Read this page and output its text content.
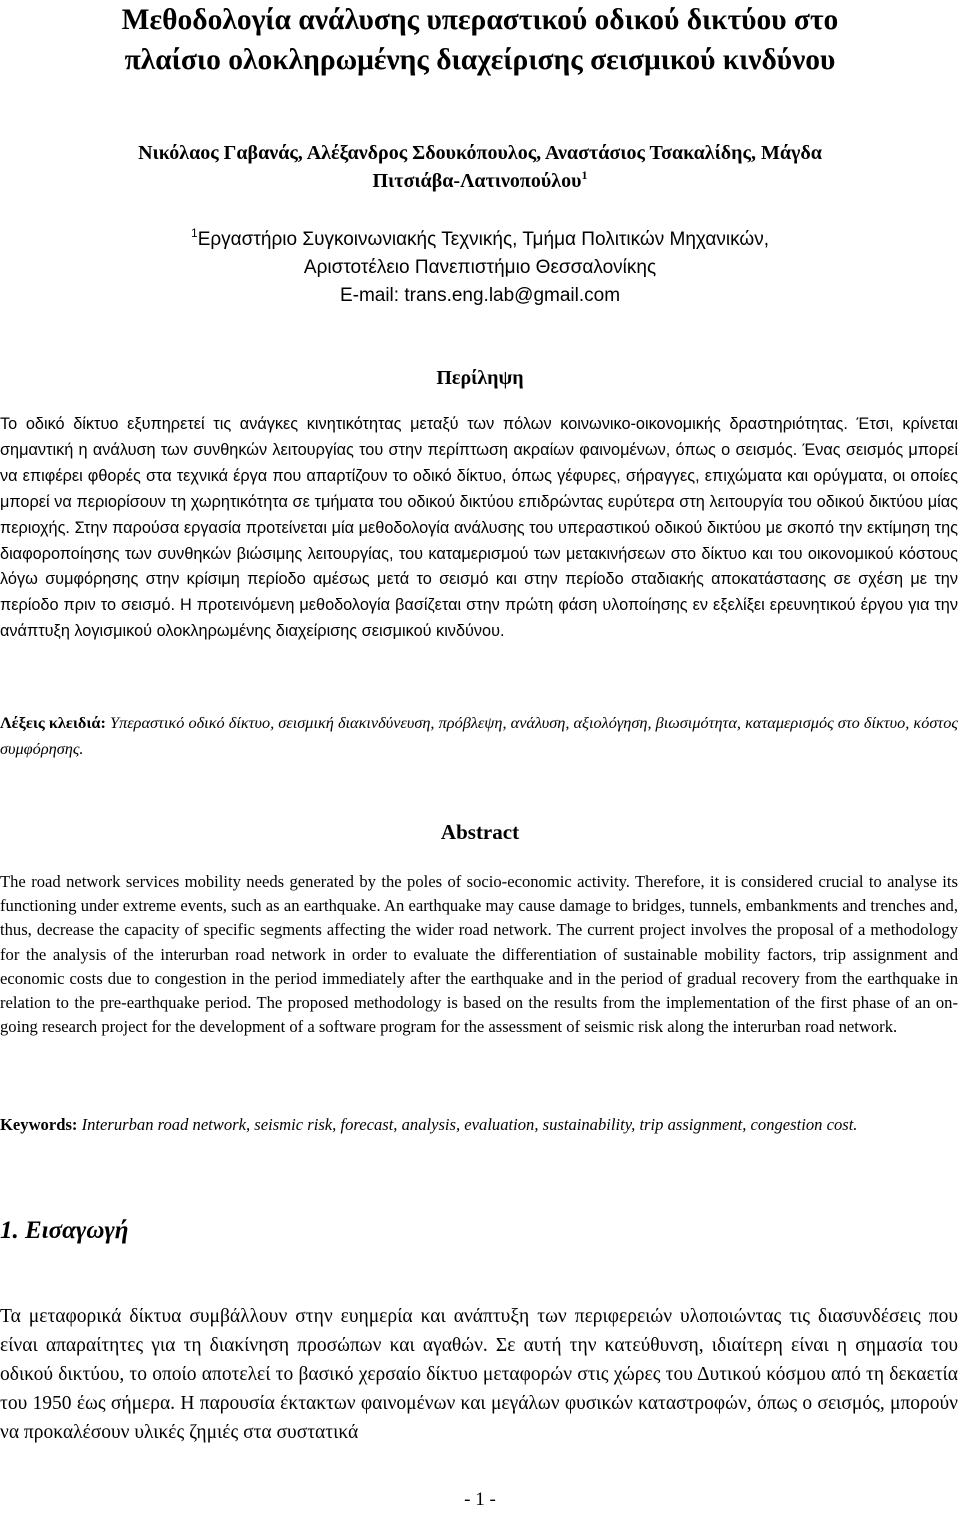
Μεθοδολογία ανάλυσης υπεραστικού οδικού δικτύου στο
πλαίσιο ολοκληρωμένης διαχείρισης σεισμικού κινδύνου
Νικόλαος Γαβανάς, Αλέξανδρος Σδουκόπουλος, Αναστάσιος Τσακαλίδης, Μάγδα
Πιτσιάβα-Λατινοπούλου$^1$
$^1$Εργαστήριο Συγκοινωνιακής Τεχνικής, Τμήμα Πολιτικών Μηχανικών,
Αριστοτέλειο Πανεπιστήμιο Θεσσαλονίκης
E-mail: trans.eng.lab@gmail.com
Περίληψη

Το οδικό δίκτυο εξυπηρετεί τις ανάγκες κινητικότητας μεταξύ των πόλων κοινωνικο-οικονομικής δραστηριότητας. Έτσι, κρίνεται σημαντική η ανάλυση των συνθηκών λειτουργίας του στην περίπτωση ακραίων φαινομένων, όπως ο σεισμός. Ένας σεισμός μπορεί να επιφέρει φθορές στα τεχνικά έργα που απαρτίζουν το οδικό δίκτυο, όπως γέφυρες, σήραγγες, επιχώματα και ορύγματα, οι οποίες μπορεί να περιορίσουν τη χωρητικότητα σε τμήματα του οδικού δικτύου επιδρώντας ευρύτερα στη λειτουργία του οδικού δικτύου μίας περιοχής. Στην παρούσα εργασία προτείνεται μία μεθοδολογία ανάλυσης του υπεραστικού οδικού δικτύου με σκοπό την εκτίμηση της διαφοροποίησης των συνθηκών βιώσιμης λειτουργίας, του καταμερισμού των μετακινήσεων στο δίκτυο και του οικονομικού κόστους λόγω συμφόρησης στην κρίσιμη περίοδο αμέσως μετά το σεισμό και στην περίοδο σταδιακής αποκατάστασης σε σχέση με την περίοδο πριν το σεισμό. Η προτεινόμενη μεθοδολογία βασίζεται στην πρώτη φάση υλοποίησης εν εξελίξει ερευνητικού έργου για την ανάπτυξη λογισμικού ολοκληρωμένης διαχείρισης σεισμικού κινδύνου.

Λέξεις κλειδιά: Υπεραστικό οδικό δίκτυο, σεισμική διακινδύνευση, πρόβλεψη, ανάλυση, αξιολόγηση, βιωσιμότητα, καταμερισμός στο δίκτυο, κόστος συμφόρησης.

Abstract

The road network services mobility needs generated by the poles of socio-economic activity. Therefore, it is considered crucial to analyse its functioning under extreme events, such as an earthquake. An earthquake may cause damage to bridges, tunnels, embankments and trenches and, thus, decrease the capacity of specific segments affecting the wider road network. The current project involves the proposal of a methodology for the analysis of the interurban road network in order to evaluate the differentiation of sustainable mobility factors, trip assignment and economic costs due to congestion in the period immediately after the earthquake and in the period of gradual recovery from the earthquake in relation to the pre-earthquake period. The proposed methodology is based on the results from the implementation of the first phase of an on-going research project for the development of a software program for the assessment of seismic risk along the interurban road network.

Keywords: Interurban road network, seismic risk, forecast, analysis, evaluation, sustainability, trip assignment, congestion cost.

1. Εισαγωγή

Τα μεταφορικά δίκτυα συμβάλλουν στην ευημερία και ανάπτυξη των περιφερειών υλοποιώντας τις διασυνδέσεις που είναι απαραίτητες για τη διακίνηση προσώπων και αγαθών. Σε αυτή την κατεύθυνση, ιδιαίτερη είναι η σημασία του οδικού δικτύου, το οποίο αποτελεί το βασικό χερσαίο δίκτυο μεταφορών στις χώρες του Δυτικού κόσμου από τη δεκαετία του 1950 έως σήμερα. Η παρουσία έκτακτων φαινομένων και μεγάλων φυσικών καταστροφών, όπως ο σεισμός, μπορούν να προκαλέσουν υλικές ζημιές στα συστατικά

- 1 -
